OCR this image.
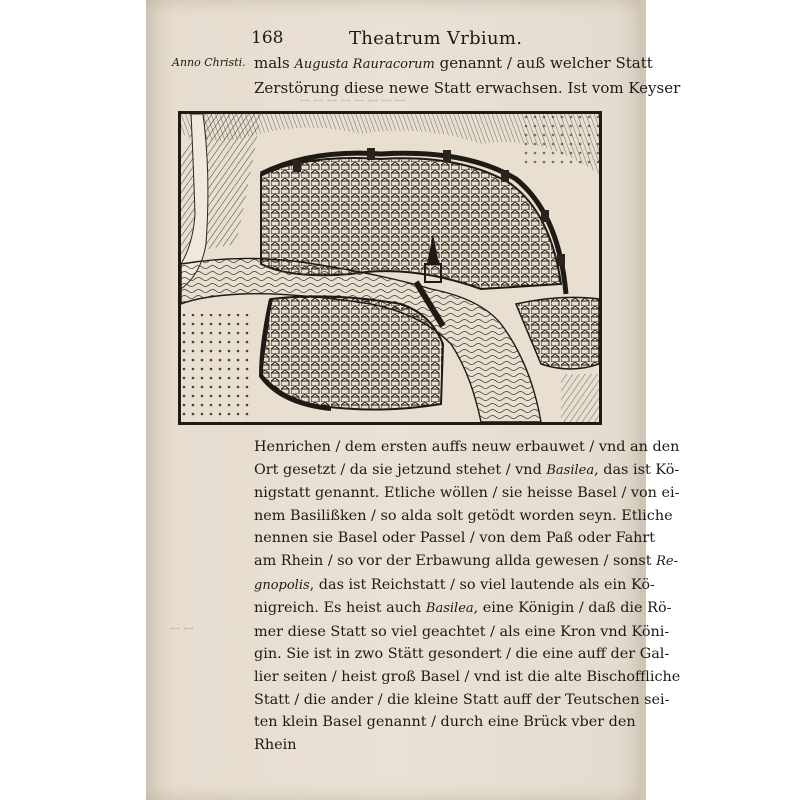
ꟷ ꟷ ꟷ ꟷ ꟷ ꟷ ꟷ ꟷ
ꟷ ꟷ
168	Theatrum Vrbium.
Anno Christi. mals Augusta Rauracorum genannt / auß welcher Statt
Zerstörung diese newe Statt erwachsen. Ist vom Keyser
Henrichen / dem ersten auffs neuw erbauwet / vnd an den
Ort gesetzt / da sie jetzund stehet / vnd Basilea, das ist Kö-
nigstatt genannt. Etliche wöllen / sie heisse Basel / von ei-
nem Basilißken / so alda solt getödt worden seyn. Etliche
nennen sie Basel oder Passel / von dem Paß oder Fahrt
am Rhein / so vor der Erbawung allda gewesen / sonst Re-
gnopolis, das ist Reichstatt / so viel lautende als ein Kö-
nigreich. Es heist auch Basilea, eine Königin / daß die Rö-
mer diese Statt so viel geachtet / als eine Kron vnd Köni-
gin. Sie ist in zwo Stätt gesondert / die eine auff der Gal-
lier seiten / heist groß Basel / vnd ist die alte Bischoffliche
Statt / die ander / die kleine Statt auff der Teutschen sei-
ten klein Basel genannt / durch eine Brück vber den
Rhein
